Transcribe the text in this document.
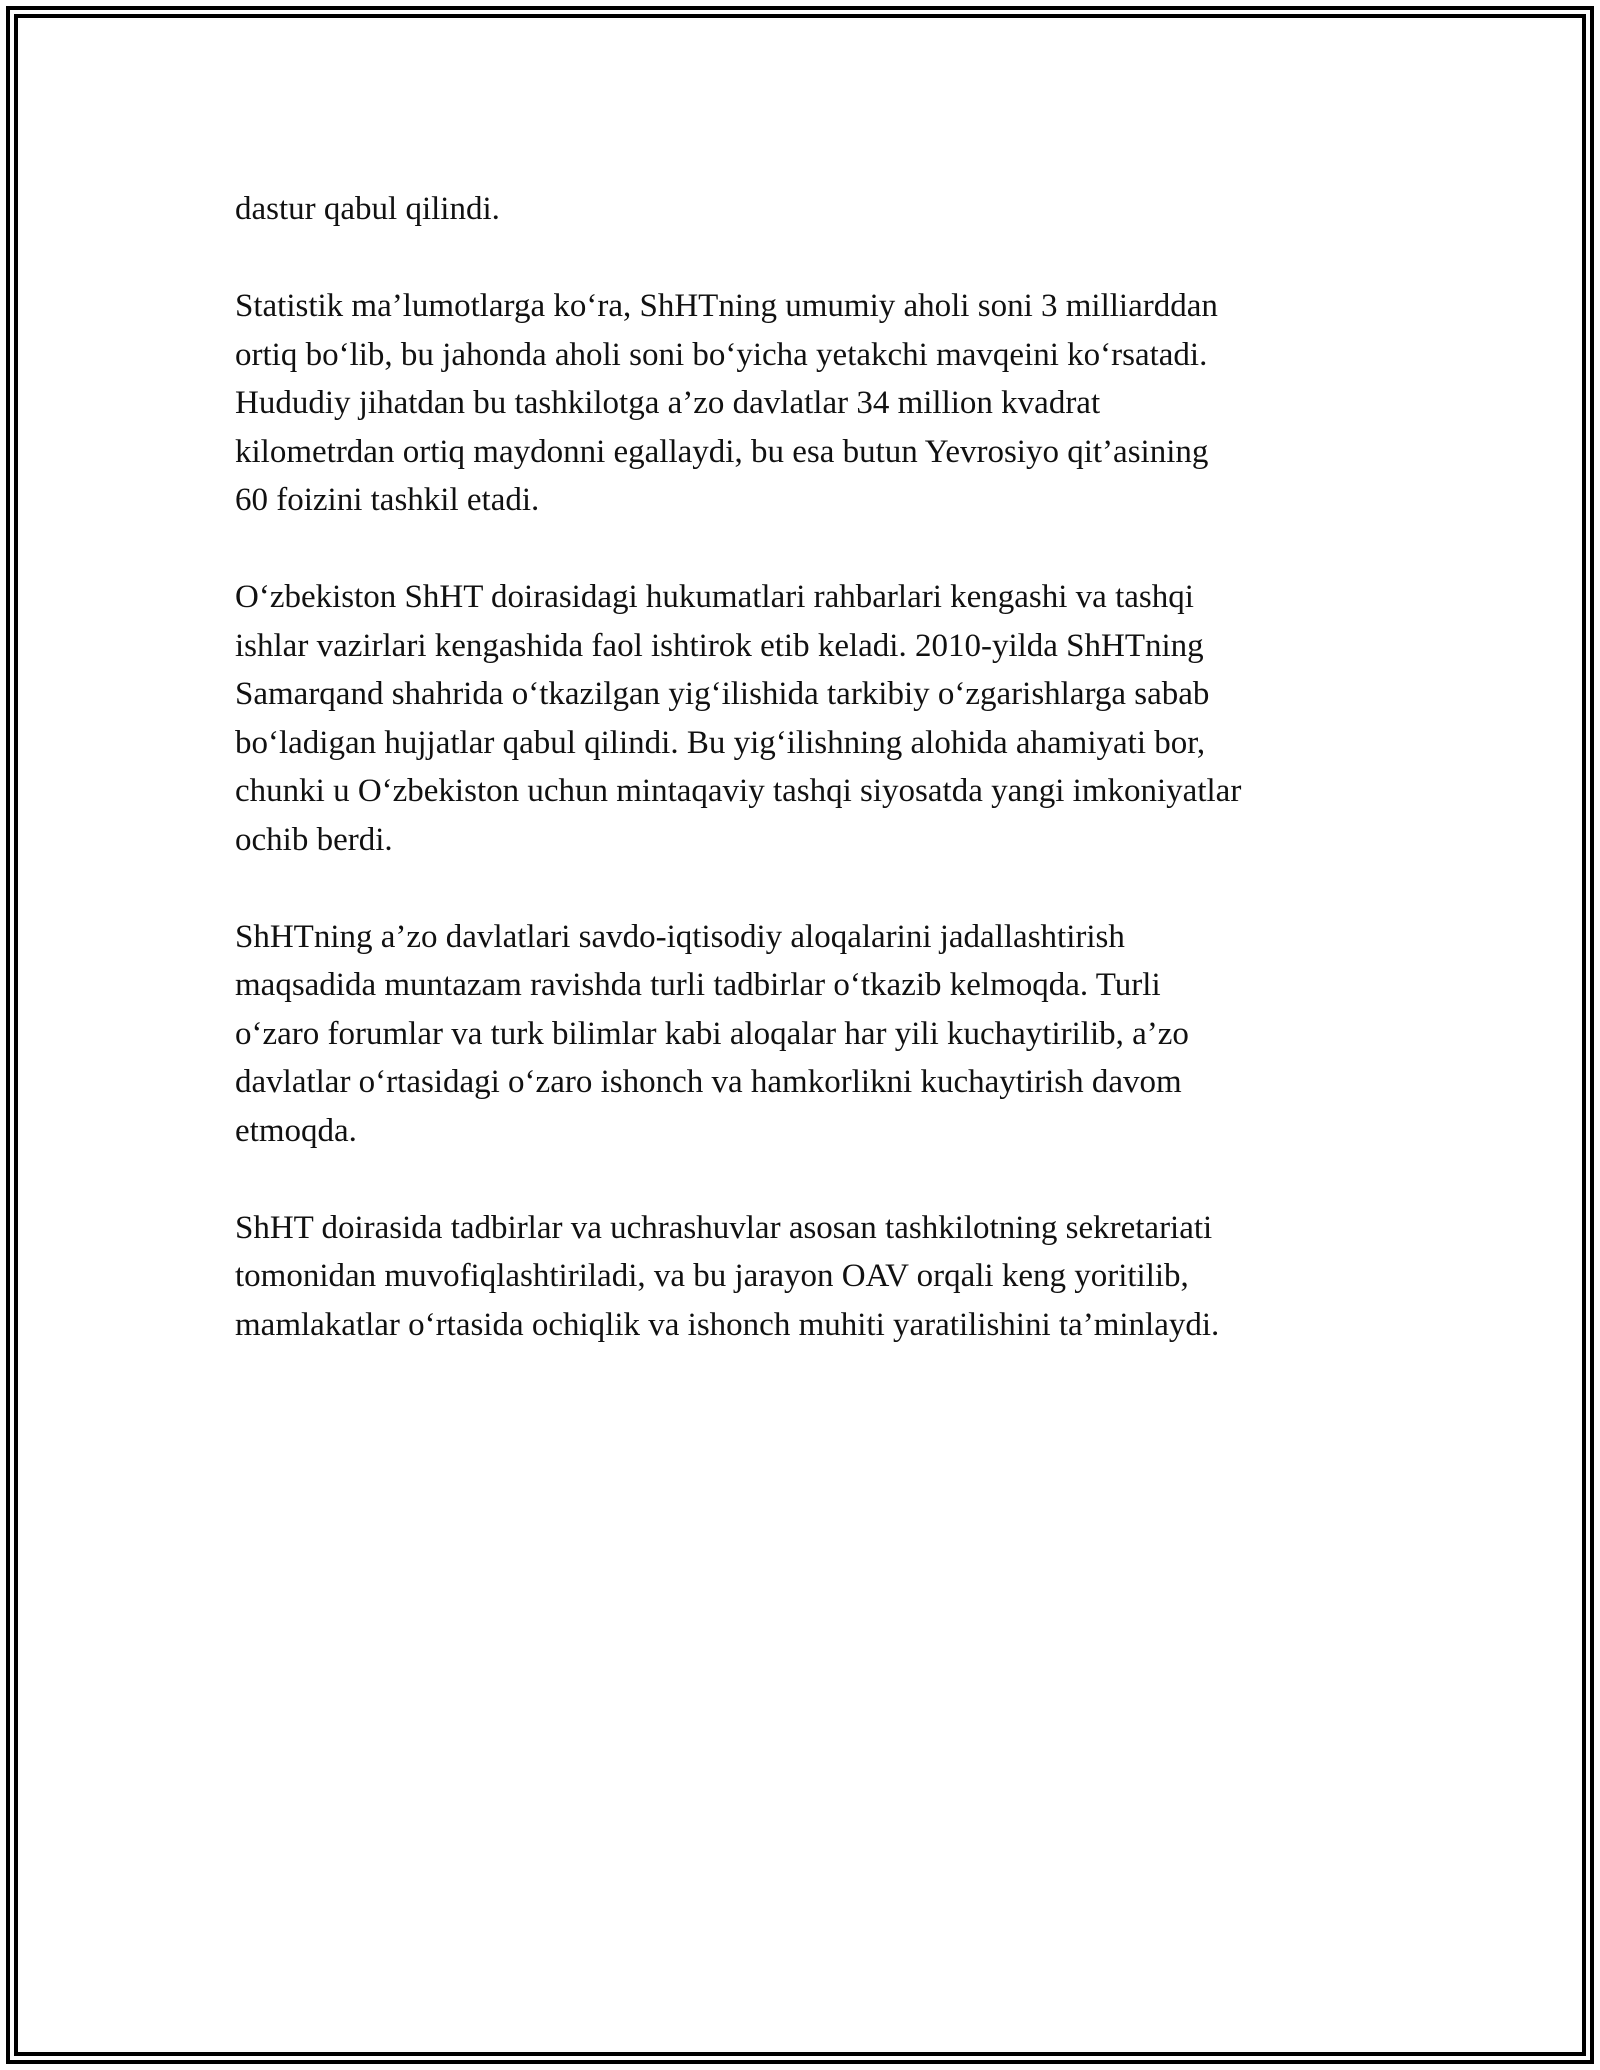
dastur qabul qilindi.

Statistik ma’lumotlarga ko‘ra, ShHTning umumiy aholi soni 3 milliarddan
ortiq bo‘lib, bu jahonda aholi soni bo‘yicha yetakchi mavqeini ko‘rsatadi.
Hududiy jihatdan bu tashkilotga a’zo davlatlar 34 million kvadrat
kilometrdan ortiq maydonni egallaydi, bu esa butun Yevrosiyo qit’asining
60 foizini tashkil etadi.

O‘zbekiston ShHT doirasidagi hukumatlari rahbarlari kengashi va tashqi
ishlar vazirlari kengashida faol ishtirok etib keladi. 2010-yilda ShHTning
Samarqand shahrida o‘tkazilgan yig‘ilishida tarkibiy o‘zgarishlarga sabab
bo‘ladigan hujjatlar qabul qilindi. Bu yig‘ilishning alohida ahamiyati bor,
chunki u O‘zbekiston uchun mintaqaviy tashqi siyosatda yangi imkoniyatlar
ochib berdi.

ShHTning a’zo davlatlari savdo-iqtisodiy aloqalarini jadallashtirish
maqsadida muntazam ravishda turli tadbirlar o‘tkazib kelmoqda. Turli
o‘zaro forumlar va turk bilimlar kabi aloqalar har yili kuchaytirilib, a’zo
davlatlar o‘rtasidagi o‘zaro ishonch va hamkorlikni kuchaytirish davom
etmoqda.

ShHT doirasida tadbirlar va uchrashuvlar asosan tashkilotning sekretariati
tomonidan muvofiqlashtiriladi, va bu jarayon OAV orqali keng yoritilib,
mamlakatlar o‘rtasida ochiqlik va ishonch muhiti yaratilishini ta’minlaydi.
